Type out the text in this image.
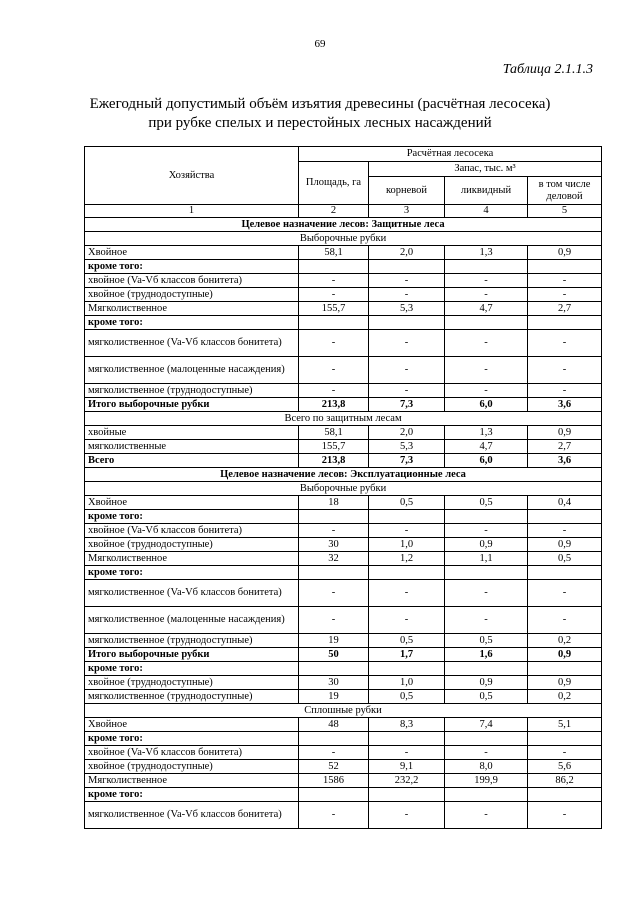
69
Таблица 2.1.1.3
Ежегодный допустимый объём изъятия древесины (расчётная лесосека)
при рубке спелых и перестойных лесных насаждений
Хозяйства	Расчётная лесосека			
	Площадь, га	Запас, тыс. м³		
		корневой	ликвидный	в том числе деловой
1	2	3	4	5
Целевое назначение лесов: Защитные леса				
Выборочные рубки				
Хвойное	58,1	2,0	1,3	0,9
кроме того:				
хвойное (Va-Vб классов бонитета)	-	-	-	-
хвойное (труднодоступные)	-	-	-	-
Мягколиственное	155,7	5,3	4,7	2,7
кроме того:				
мягколиственное (Va-Vб классов бонитета)	-	-	-	-
мягколиственное (малоценные насаждения)	-	-	-	-
мягколиственное (труднодоступные)	-	-	-	-
Итого выборочные рубки	213,8	7,3	6,0	3,6
Всего по защитным лесам				
хвойные	58,1	2,0	1,3	0,9
мягколиственные	155,7	5,3	4,7	2,7
Всего	213,8	7,3	6,0	3,6
Целевое назначение лесов: Эксплуатационные леса				
Выборочные рубки				
Хвойное	18	0,5	0,5	0,4
кроме того:				
хвойное (Va-Vб классов бонитета)	-	-	-	-
хвойное (труднодоступные)	30	1,0	0,9	0,9
Мягколиственное	32	1,2	1,1	0,5
кроме того:				
мягколиственное (Va-Vб классов бонитета)	-	-	-	-
мягколиственное (малоценные насаждения)	-	-	-	-
мягколиственное (труднодоступные)	19	0,5	0,5	0,2
Итого выборочные рубки	50	1,7	1,6	0,9
кроме того:				
хвойное (труднодоступные)	30	1,0	0,9	0,9
мягколиственное (труднодоступные)	19	0,5	0,5	0,2
Сплошные рубки				
Хвойное	48	8,3	7,4	5,1
кроме того:				
хвойное (Va-Vб классов бонитета)	-	-	-	-
хвойное (труднодоступные)	52	9,1	8,0	5,6
Мягколиственное	1586	232,2	199,9	86,2
кроме того:				
мягколиственное (Va-Vб классов бонитета)	-	-	-	-
